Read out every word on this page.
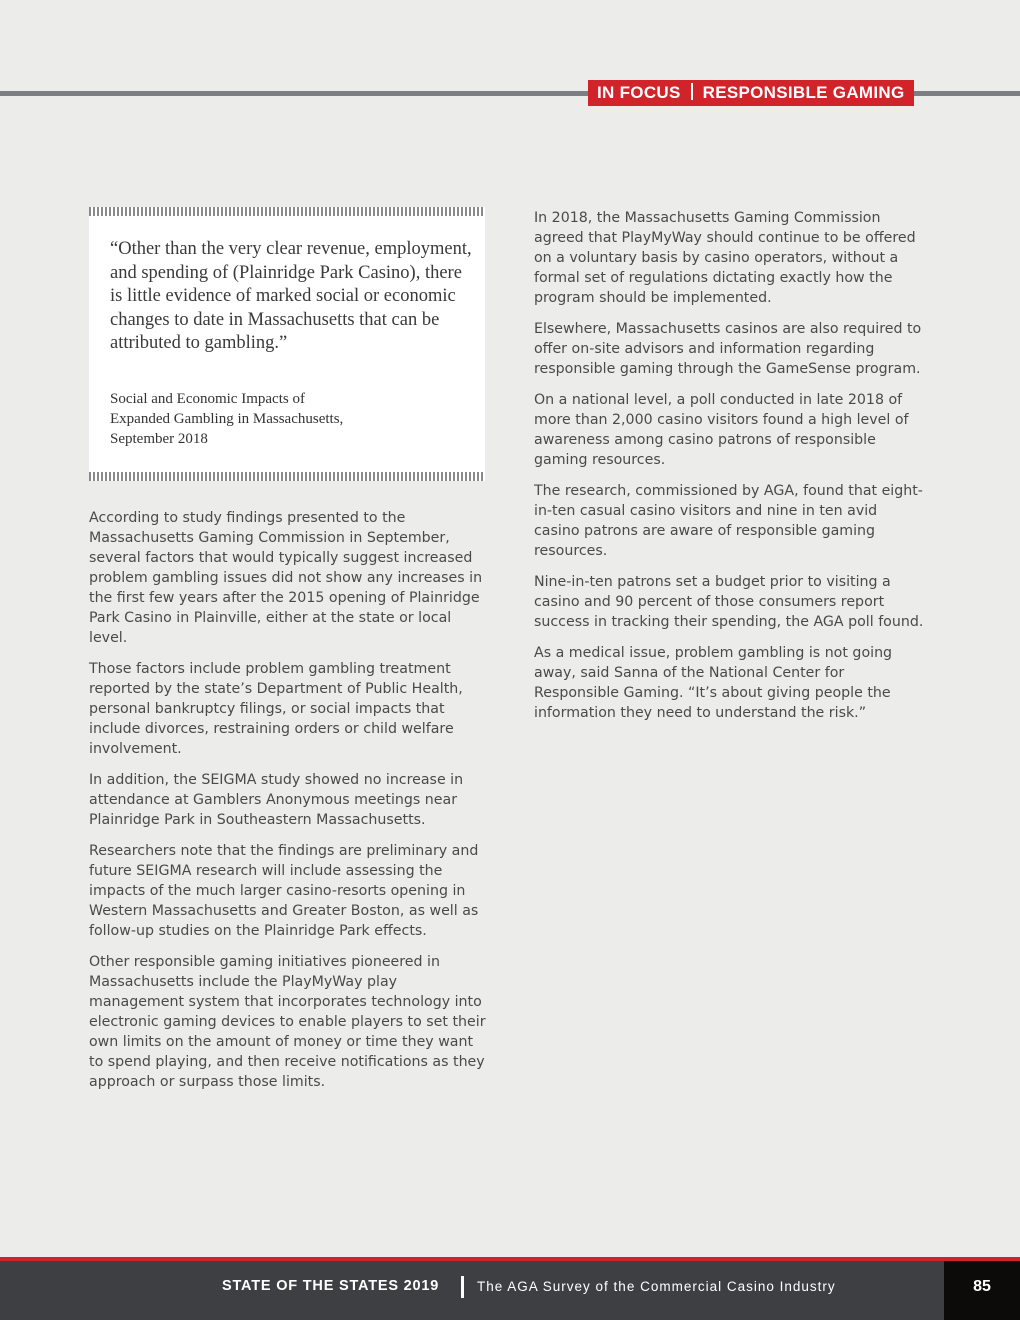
IN FOCUS RESPONSIBLE GAMING
“Other than the very clear revenue, employment, and spending of (Plainridge Park Casino), there is little evidence of marked social or economic changes to date in Massachusetts that can be attributed to gambling.”
Social and Economic Impacts of
Expanded Gambling in Massachusetts,
September 2018

According to study findings presented to the Massachusetts Gaming Commission in September, several factors that would typically suggest increased problem gambling issues did not show any increases in the first few years after the 2015 opening of Plainridge Park Casino in Plainville, either at the state or local level.

Those factors include problem gambling treatment reported by the state’s Department of Public Health, personal bankruptcy filings, or social impacts that include divorces, restraining orders or child welfare involvement.

In addition, the SEIGMA study showed no increase in attendance at Gamblers Anonymous meetings near Plainridge Park in Southeastern Massachusetts.

Researchers note that the findings are preliminary and future SEIGMA research will include assessing the impacts of the much larger casino-resorts opening in Western Massachusetts and Greater Boston, as well as follow-up studies on the Plainridge Park effects.

Other responsible gaming initiatives pioneered in Massachusetts include the PlayMyWay play management system that incorporates technology into electronic gaming devices to enable players to set their own limits on the amount of money or time they want to spend playing, and then receive notifications as they approach or surpass those limits.

In 2018, the Massachusetts Gaming Commission agreed that PlayMyWay should continue to be offered on a voluntary basis by casino operators, without a formal set of regulations dictating exactly how the program should be implemented.

Elsewhere, Massachusetts casinos are also required to offer on-site advisors and information regarding responsible gaming through the GameSense program.

On a national level, a poll conducted in late 2018 of more than 2,000 casino visitors found a high level of awareness among casino patrons of responsible gaming resources.

The research, commissioned by AGA, found that eight-in-ten casual casino visitors and nine in ten avid casino patrons are aware of responsible gaming resources.

Nine-in-ten patrons set a budget prior to visiting a casino and 90 percent of those consumers report success in tracking their spending, the AGA poll found.

As a medical issue, problem gambling is not going away, said Sanna of the National Center for Responsible Gaming. “It’s about giving people the information they need to understand the risk.”

STATE OF THE STATES 2019	The AGA Survey of the Commercial Casino Industry	85
